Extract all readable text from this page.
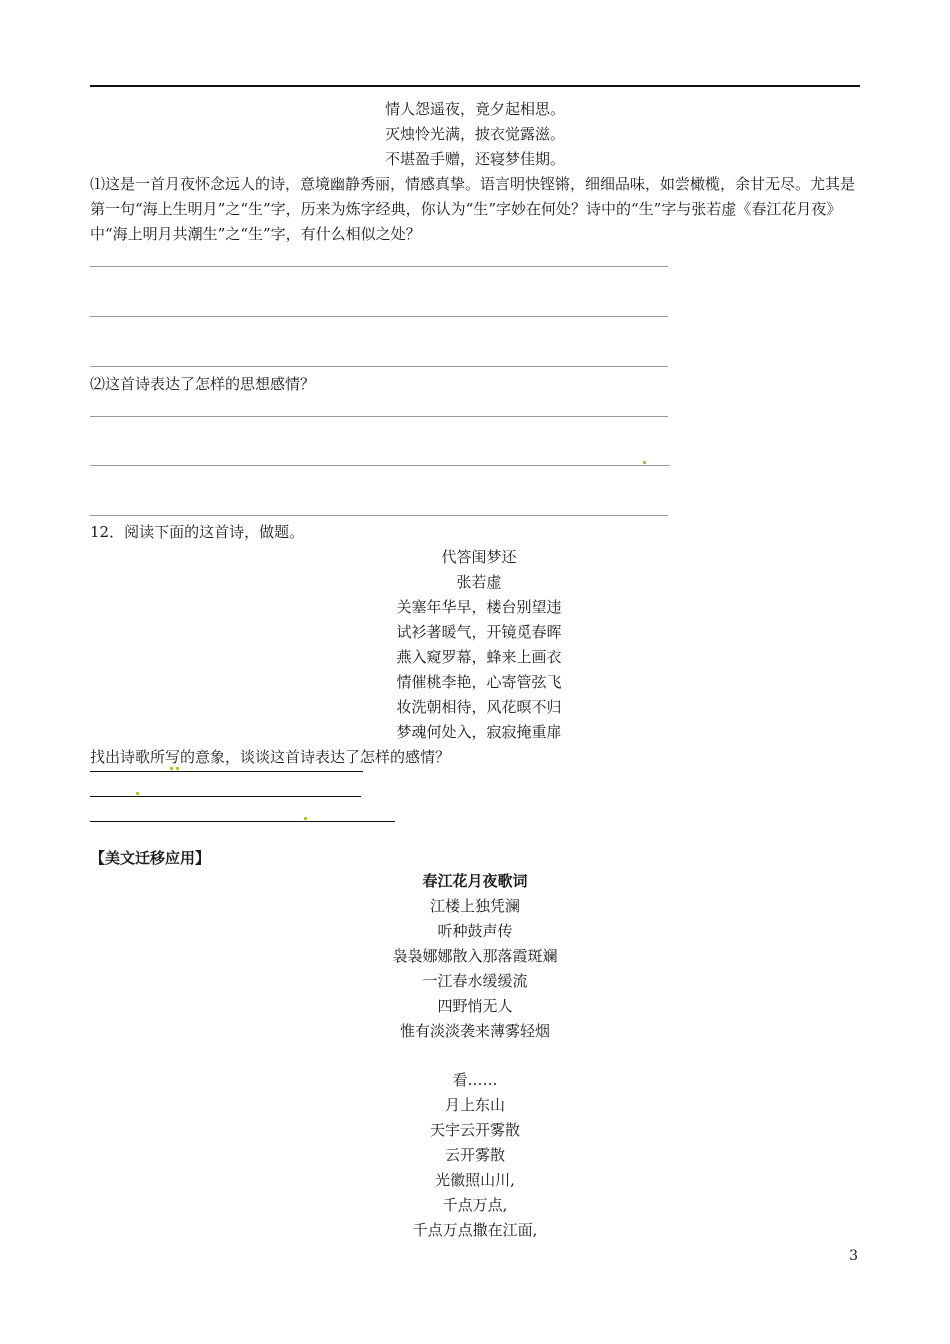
情人怨遥夜，竟夕起相思。
灭烛怜光满，披衣觉露滋。
不堪盈手赠，还寝梦佳期。
⑴这是一首月夜怀念远人的诗，意境幽静秀丽，情感真挚。语言明快铿锵，细细品味，如尝橄榄，余甘无尽。尤其是第一句“海上生明月”之“生”字，历来为炼字经典，你认为“生”字妙在何处？诗中的“生”字与张若虚《春江花月夜》中“海上明月共潮生”之“生”字，有什么相似之处？
⑵这首诗表达了怎样的思想感情？
12．阅读下面的这首诗，做题。
代答闺梦还
张若虚
关塞年华早，楼台别望违
试衫著暖气，开镜觅春晖
燕入窥罗幕，蜂来上画衣
情催桃李艳，心寄管弦飞
妆洗朝相待，风花暝不归
梦魂何处入，寂寂掩重扉
找出诗歌所写的意象，谈谈这首诗表达了怎样的感情？
【美文迁移应用】
春江花月夜歌词
江楼上独凭澜
听种鼓声传
袅袅娜娜散入那落霞斑斓
一江春水缓缓流
四野悄无人
惟有淡淡袭来薄雾轻烟
看……
月上东山
天宇云开雾散
云开雾散
光徽照山川,
千点万点,
千点万点撒在江面,
3
